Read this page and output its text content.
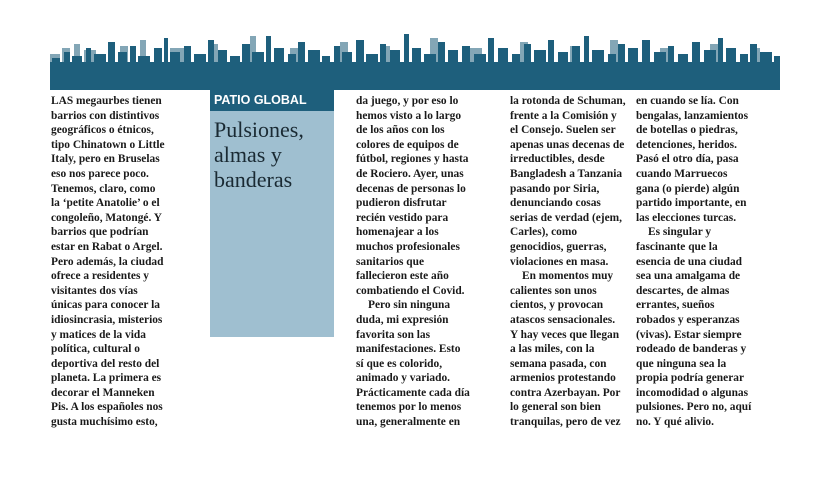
LAS megaurbes tienen
barrios con distintivos
geográficos o étnicos,
tipo Chinatown o Little
Italy, pero en Bruselas
eso nos parece poco.
Tenemos, claro, como
la ‘petite Anatolie’ o el
congoleño, Matongé. Y
barrios que podrían
estar en Rabat o Argel.
Pero además, la ciudad
ofrece a residentes y
visitantes dos vías
únicas para conocer la
idiosincrasia, misterios
y matices de la vida
política, cultural o
deportiva del resto del
planeta. La primera es
decorar el Manneken
Pis. A los españoles nos
gusta muchísimo esto,

PATIO GLOBAL
Pulsiones,
almas y
banderas
POR PABLO
R. SUANZES
BRUSELAS

da juego, y por eso lo
hemos visto a lo largo
de los años con los
colores de equipos de
fútbol, regiones y hasta
de Rociero. Ayer, unas
decenas de personas lo
pudieron disfrutar
recién vestido para
homenajear a los
muchos profesionales
sanitarios que
fallecieron este año
combatiendo el Covid.

Pero sin ninguna
duda, mi expresión
favorita son las
manifestaciones. Esto
sí que es colorido,
animado y variado.
Prácticamente cada día
tenemos por lo menos
una, generalmente en

la rotonda de Schuman,
frente a la Comisión y
el Consejo. Suelen ser
apenas unas decenas de
irreductibles, desde
Bangladesh a Tanzania
pasando por Siria,
denunciando cosas
serias de verdad (ejem,
Carles), como
genocidios, guerras,
violaciones en masa.

En momentos muy
calientes son unos
cientos, y provocan
atascos sensacionales.
Y hay veces que llegan
a las miles, con la
semana pasada, con
armenios protestando
contra Azerbayan. Por
lo general son bien
tranquilas, pero de vez

en cuando se lía. Con
bengalas, lanzamientos
de botellas o piedras,
detenciones, heridos.
Pasó el otro día, pasa
cuando Marruecos
gana (o pierde) algún
partido importante, en
las elecciones turcas.

Es singular y
fascinante que la
esencia de una ciudad
sea una amalgama de
descartes, de almas
errantes, sueños
robados y esperanzas
(vivas). Estar siempre
rodeado de banderas y
que ninguna sea la
propia podría generar
incomodidad o algunas
pulsiones. Pero no, aquí
no. Y qué alivio.
